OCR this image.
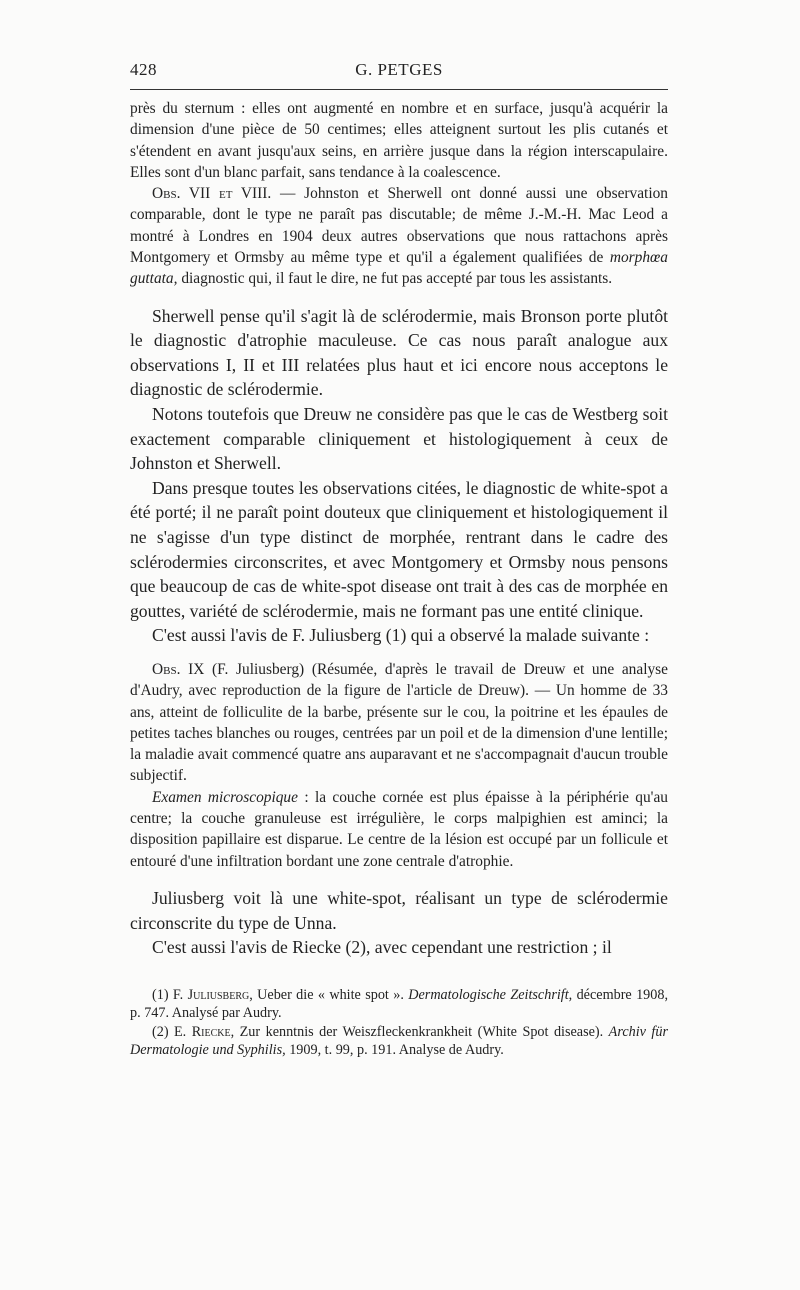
428	G. PETGES

près du sternum : elles ont augmenté en nombre et en surface, jusqu'à acquérir la dimension d'une pièce de 50 centimes; elles atteignent surtout les plis cutanés et s'étendent en avant jusqu'aux seins, en arrière jusque dans la région interscapulaire. Elles sont d'un blanc parfait, sans tendance à la coalescence.

Obs. VII et VIII. — Johnston et Sherwell ont donné aussi une observation comparable, dont le type ne paraît pas discutable; de même J.-M.-H. Mac Leod a montré à Londres en 1904 deux autres observations que nous rattachons après Montgomery et Ormsby au même type et qu'il a également qualifiées de morphœa guttata, diagnostic qui, il faut le dire, ne fut pas accepté par tous les assistants.

Sherwell pense qu'il s'agit là de sclérodermie, mais Bronson porte plutôt le diagnostic d'atrophie maculeuse. Ce cas nous paraît analogue aux observations I, II et III relatées plus haut et ici encore nous acceptons le diagnostic de sclérodermie.

Notons toutefois que Dreuw ne considère pas que le cas de Westberg soit exactement comparable cliniquement et histologiquement à ceux de Johnston et Sherwell.

Dans presque toutes les observations citées, le diagnostic de white-spot a été porté; il ne paraît point douteux que cliniquement et histologiquement il ne s'agisse d'un type distinct de morphée, rentrant dans le cadre des sclérodermies circonscrites, et avec Montgomery et Ormsby nous pensons que beaucoup de cas de white-spot disease ont trait à des cas de morphée en gouttes, variété de sclérodermie, mais ne formant pas une entité clinique.

C'est aussi l'avis de F. Juliusberg (1) qui a observé la malade suivante :

Obs. IX (F. Juliusberg) (Résumée, d'après le travail de Dreuw et une analyse d'Audry, avec reproduction de la figure de l'article de Dreuw). — Un homme de 33 ans, atteint de folliculite de la barbe, présente sur le cou, la poitrine et les épaules de petites taches blanches ou rouges, centrées par un poil et de la dimension d'une lentille; la maladie avait commencé quatre ans auparavant et ne s'accompagnait d'aucun trouble subjectif.

Examen microscopique : la couche cornée est plus épaisse à la périphérie qu'au centre; la couche granuleuse est irrégulière, le corps malpighien est aminci; la disposition papillaire est disparue. Le centre de la lésion est occupé par un follicule et entouré d'une infiltration bordant une zone centrale d'atrophie.

Juliusberg voit là une white-spot, réalisant un type de sclérodermie circonscrite du type de Unna.

C'est aussi l'avis de Riecke (2), avec cependant une restriction ; il

(1) F. Juliusberg, Ueber die « white spot ». Dermatologische Zeitschrift, décembre 1908, p. 747. Analysé par Audry.

(2) E. Riecke, Zur kenntnis der Weiszfleckenkrankheit (White Spot disease). Archiv für Dermatologie und Syphilis, 1909, t. 99, p. 191. Analyse de Audry.
